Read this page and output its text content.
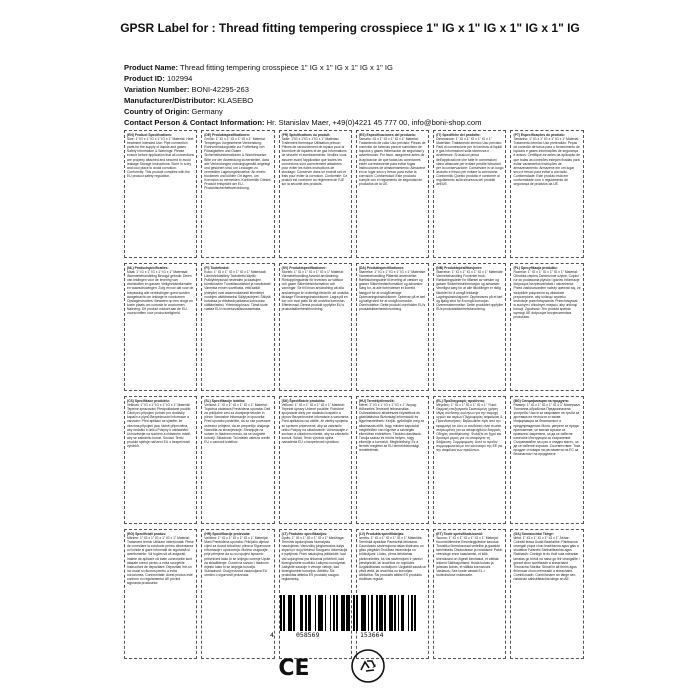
GPSR Label for : Thread fitting tempering crosspiece 1" IG x 1" IG x 1" IG x 1" IG
Product Name: Thread fitting tempering crosspiece 1" IG x 1" IG x 1" IG x 1" IG
Product ID: 102994
Variation Number: BONI-42295-263
Manufacturer/Distributor: KLASEBO
Country of Origin: Germany
Contact Person & Contact Information: Hr. Stanislav Maer, +49(0)4221 45 777 00, info@boni-shop.com
(EN) Product Specifications:
Size: 1" IG x 1" IG x 1" IG x 1" Material: Heat treatment Intended Use: Pipe connection parts for the supply of liquids and gases Safety Information & Warnings: Please ensure before application that all connections are properly attached and secured to avoid leakage Storage Instructions: Store in a dry and cool place to avoid corrosion. Conformity: This product complies with the EU product safety regulation.
(DE) Produktspezifikationen:
Größe: 1" IG x 1" IG x 1" IG x 1" Material: Tempergus Vorgesehene Verwendung: Rohrverbindungsteile zur Fortleitung von Flüssigkeiten und Gasen Sicherheitsinformationen & Warnhinweise: Bitte vor der Anwendung sicherstellen, dass alle Verbindungen ordnungsgemäß angelegt und gesichert sind, um Leckagen zu vermeiden Lagerungshinweise: An einem trockenen und kühlen Ort lagern, um Korrosion zu vermeiden. Konformität: Dieses Produkt entspricht der EU-Produktsicherheitsverordnung.
(FR) Spécifications du produit:
Taille: 1"IG x 1"IG x 1"IG x 1" Matériau: Traitement thermique Utilisation prévue: Pièces de raccordement de tuyaux pour la fourniture de liquides et de gaz Informations de sécurité et avertissements: Veuillez vous assurer avant l'application que toutes les connexions sont correctement attachées pour éviter les fuites Instructions de stockage: Conserver dans un endroit sec et frais pour éviter la corrosion. Conformité: Ce produit est conforme au règlement de l'UE sur la sécurité des produits.
(ES) Especificaciones del producto:
Tamaño: IG x 1" IG x 1" IG x 1" Material: Tratamiento de calor Uso previsto: Piezas de conexión de tuberías para el suministro de líquidos y gases Información de seguridad y advertencias: Por favor, asegúrese antes de la aplicación de que todas las conexiones estén correctamente para evitar fugas Instrucciones de almacenamiento: Almacene en un lugar seco y fresco para evitar la corrosión. Conformidad: Este producto cumple con el reglamento de seguridad de productos de la UE.
(IT) Specifiche del prodotto:
Dimensione: 1" IG x 1" IG x 1" IG x 1" Materiale: Trattamento termico Uso previsto: Parti di connessione per la fornitura di liquidi e gas Informazioni sulla sicurezza e avvertenze: Si assicuri prima dell'applicazione che tutte le connessioni siano attaccate per evitare perdite Istruzioni per la conservazione: Conservare in un luogo asciutto e fresco per evitare la corrosione. Conformità: Questo prodotto è conforme al regolamento sulla sicurezza dei prodotti dell'UE.
(PT) Especificações do produto:
Tamanho: 1" IG x 1" IG x 1" IG x 1" Material: Tratamento térmico Uso pretendido: Peças de conexão de tubos para o fornecimento de líquidos e gases Informações de segurança e avisos: Certifique-se antes da aplicação de que todas as conexões estejam fixadas para evitar vazamentos Instruções de armazenamento: Armazene em um lugar seco e fresco para evitar a corrosão. Conformidade: Este produto está em conformidade com o regulamento de segurança de produtos da UE.
(NL) Productspecificaties:
Maat: 1" IG x 1" IG x 1" IG x 1" Materiaal: Warmtebehandeling Beoogd gebruik: Delen van leidingen voor de levering van vloeistoffen en gassen Veiligheidsinformatie en waarschuwingen: Zorg ervoor dat voor de toepassing alle verbindingen goed worden aangebracht om lekkage te voorkomen Opslaginstructies: Bewaren op een droge en koele plaats om corrosie te voorkomen. Naleving: Dit product voldoet aan de EU-voorschriften voor productveiligheid.
(FI) Tuotetiedot:
Koko: 1" IG x 1" IG x 1" IG x 1" Materiaali: Lämmönkäsittely Tarkoitettu käyttö: Putkiyhteysosat nesteiden ja kaasujen toimitukseen Turvallisuustiedot ja varoitukset: Varmista ennen sovellusta, että kaikki yhteydet ovat asianmukaisesti kiinnitetyt vuotojen välttämiseksi Säilytysohjeet: Säilytä kuivassa ja viileässä paikassa korroosion välttämiseksi. Yhteensopivuus: Tämä tuote vastaa EU:n tuoteturvallisuusasetusta.
(SV) Produktspecifikationer:
Storlek: 1" IG x 1" IG x 1" IG x 1" Material: Värmebehandling Avsedd användning: Rörkopplingsdelar för leverans av vätskor och gaser Säkerhetsinformation och varningar: Se till innan användning att alla anslutningar är ordentligt fästa för att undvika läckage Förvaringsinstruktioner: Lagra på en torr och sval plats för att undvika korrosion. Efterlevnad: Denna produkt uppfyller EU:s produktsäkerhetsförordning.
(DA) Produktspecifikationer:
Størrelse: 1" IG x 1" IG x 1" IG x 1" Materiale: Varmebehandling Påtænkt anvendelse: Rørtilslutningsdele til levering af væsker og gasser Sikkerhedsinformation og advarsler: Sørg for, at alle forbindelser er korrekt fastgjort for at undgå lækage Opbevaringsinstruktioner: Opbevar på et tørt og køligt sted for at undgå korrosion. Overholdelse: Dette produkt overholder EU's produktsikkerhedsforordning.
(NB) Produktspesifikasjoner:
Størrelse: 1" IG x 1" IG x 1" IG x 1" Materiale: Varmebehandling Forventet bruk: Rørkoblingsdeler for tilførsel av væsker og gasser Sikkerhetsinformasjon og advarsler: Vennligst sørg for at alle tilkoblinger er riktig tilkoblet for å unngå lekkasje Lagringsinstruksjoner: Oppbevares på et tørt og kjølig sted for å unngå korrosjon. Overensstemmelse: Dette produktet oppfyller EUs produktsikkerhetsforordning.
(PL) Specyfikacja produktu:
Rozmiar: 1" IG x 1" IG x 1" IG x 1" Materiał: Obróbka cieplna Zamierzone użycie: Części rur do podawania płynów i gazów Informacje dotyczące bezpieczeństwa i ostrzeżenia: Przed zastosowaniem należy upewnić się, że wszystkie połączenia są właściwie przyczepione, aby uniknąć wycieku Instrukcje przechowywania: Przechowywać w suchym i chłodnym miejscu, aby uniknąć korozji. Zgodność: Ten produkt spełnia wymogi UE dotyczące bezpieczeństwa produktów.
(CS) Specifikace produktu:
Velikost: 1" IG x 1" IG x 1" IG x 1" Materiál: Tepelné zpracování Předpokládané použití: Části pro připojení potrubí pro dodávky kapalin a plynů Bezpečnostní informace a varování: Před aplikací se ujistěte, že všechna připojení jsou řádně připevněna, aby nedošlo k úniku Pokyny k uskladnění: Uchovávejte na suchém a chladném místě, aby se zabránilo korozi. Soulad: Tento produkt splňuje nařízení EU o bezpečnosti výrobků.
(SL) Specifikacije izdelka:
Velikost: 1" IG x 1" IG x 1" IG x 1" Material: Toplotna obdelava Predvidena uporaba: Deli za priključne cevi za dovajanje tekočin in plinov Varnostne informacije in opozorila: Pred uporabo poskrbite, da so vse povezave ustrezno pritrjene, da se preprečijo uhajanja Navodila za shranjevanje: Shranjujte na suhem in hladnem mestu, da se izognete koroziji. Skladnost: Ta izdelek ustreza uredbi EU o varnosti izdelkov.
(SK) Špecifikácie produktu:
Veľkosť: 1" IG x 1" IG x 1" IG x 1" Materiál: Tepelné úpravy Určené použitie: Potrubné spojovacie diely pre dodávku kvapalín a plynov Bezpečnostné informácie a varovania: Pred aplikáciou sa uistite, že všetky spojenia sú správne pripevnené, aby sa zabránilo úniku Pokyny na skladovanie: Uchovávajte v suchom a chladnom mieste, aby sa zabránilo korózii. Súlad: Tento výrobok spĺňa nariadenia EÚ o bezpečnosti výrobkov.
(HU) Termékjellemzők:
Méret: 1" IG x 1" IG x 1" IG x 1" Anyag: Hőkezelés Tervezett felhasználás: Csőcsatlakozó alkatrészek folyadékok és gázellátáshoz Biztonsági információk és figyelmeztetések: Kérjük, győződjön meg az alkalmazás előtt, hogy minden kapcsolat megfelelően van rögzítve a szivárgás elkerülése érdekében. Tárolási utasítások: Tárolja száraz és hűvös helyen, hogy elkerülje a korróziót. Megfelelőség: Ez a termék megfelel az EU termékbiztonsági rendeletének.
(EL) Προδιαγραφές προϊόντος:
Μέγεθος: 1" IG x 1" IG x 1" IG x 1" Υλικό: Θερμική επεξεργασία Σκοπούμενη χρήση: Μέρη σύνδεσης σωλήνων για την παροχή υγρών και αερίων Πληροφορίες ασφαλείας & Προειδοποιήσεις: Βεβαιωθείτε πριν από την εφαρμογή ότι όλες οι συνδέσεις είναι σωστά στερεωμένες για να αποφευχθούν διαρροές Οδηγίες αποθήκευσης: Φυλάξτε σε ξηρό και δροσερό μέρος για να αποφύγετε τη διάβρωση. Συμμόρφωση: Αυτό το προϊόν συμμορφώνεται με τον κανονισμό της ΕΕ για την ασφάλεια των προϊόντων.
(BG) Спецификации на продукта:
Размер: 1" IG x 1" IG x 1" IG x 1" Материал: Топлинна обработка Предназначена употреба: Части за свързване на тръби за доставка на течности и газове Информация за безопасност и предупреждения: Моля, уверете се преди приложение, че всички връзки са правилно закрепени, за да се избегне изтичане Инструкции за съхранение: Съхранявайте на сухо и хладно място, за да се избегне корозия. Съответствие: Този продукт отговаря на регламента на ЕС за безопасност на продуктите.
(RO) Specificații produs:
Mărime: 1" IG x 1" IG x 1" IG x 1" Material: Tratament termic Utilizare intenționată: Piese de conectare la conducte pentru alimentarea cu lichide și gaze Informații de siguranță și avertismente: Vă rugăm să vă asigurați, înainte de aplicare că toate conexiunile sunt atașate corect pentru a evita scurgerile Instrucțiuni de depozitare: Depozitați într-un loc uscat și răcoros pentru a evita coroziunea. Conformitate: Acest produs este conform cu regulamentul UE privind siguranța produselor.
(HR) Specifikacije proizvoda:
Veličina: 1" IG x 1" IG x 1" IG x 1" Materijal: Manl Predviđena uporaba: Priključni dijelovi cijevi za dovod tekućina i plinova Sigurnosne informacije i upozorenja: Molimo osigurajte prije primjene da su svi spojevi ispravno pričvršćeni kako bi se izbjeglo curenje Upute za skladištenje: Čuvati na suhom i hladnom mjestu kako bi se izbjegla korozija. Sukladnost: Ovaj proizvod zadovoljava EU uredbu o sigurnosti proizvoda.
(LT) Produkto specifikacijos:
Dydis: 1" IG x 1" IG x 1" IG x 1" Medžiaga: Terminis apdorojimas Numatytas naudojimas: Vamzdžių jungiamosios dalys skysčių ir dujų tiekimui Saugumo informacija ir įspėjimai: Prieš naudojimą įsitikinkite, kad visi sujungimai yra tinkamai pritvirtinti, kad išvengtumėte nuotėkio Laikymo nurodymai: Laikykite sausoje ir vėsioje vietoje, kad išvengtumėte korozijos. Atitiktis: Šis produktas atitinka ES produktų saugos reglamentą.
(LV) Produkta specifikācijas:
Izmērs: 1" IG x 1" IG x 1" IG x 1" Materiāls: Termiskā apstrāde Paredzētā lietošana: Cauruļvadu savienojuma daļas šķidrumu un gāzu piegādei Drošības informācija un brīdinājumi: Lūdzu, pirms lietošanas pārliecinieties, ka visi savienojumi ir pareizi piestiprināti, lai izvairītos no noplūdes Uzglabāšanas norādījumi: Uzglabāt sausā un vēsā vietā, lai izvairītos no korozijas. Atbilstība: Šis produkts atbilst ES produktu drošības regulai.
(ET) Toote spetsifikatsioonid:
Suurus: 1" IG x 1" IG x 1" IG x 1" Materjal: Kuumtöötlemine Eesmärgipärane kasutus: Torustiku ühendusosad vedelike ja gaaside tarnimiseks Ohutusteave ja hoiatused: Palun veenduge enne kasutamist, et kõik ühendused on õigesti kinnitatud, et vältida lekkeid Säilitusjuhised: Hoida kuivas ja jahedas kohas, et vältida korrosiooni. Vastavus: See toode vastab EL-i tooteohutuse määrusele.
(GA) Sonraíochtaí Táirge:
Méid: 1" IG x 1" IG x 1" IG x 1" Ábhar: Cóireáil teasa Úsáid Beartaithe: Páirteanna ceangail píopa chun leachtanna agus gáis a sholáthar Faisnéis Sábháilteachta agus Rabhaidh: Cinntigh le do thoil sula ndéantar iarratas go bhfuil na naisc go léir ceangailte i gceart chun sceitheadh a sheachaint Treoracha Stórála: Stóráil in áit thirim agus fhionnuar chun creimeadh a sheachaint. Comhlíonadh: Comhlíonann an táirge seo rialachán sábháilteachta táirge an AE.
4	058569	153664
CE
